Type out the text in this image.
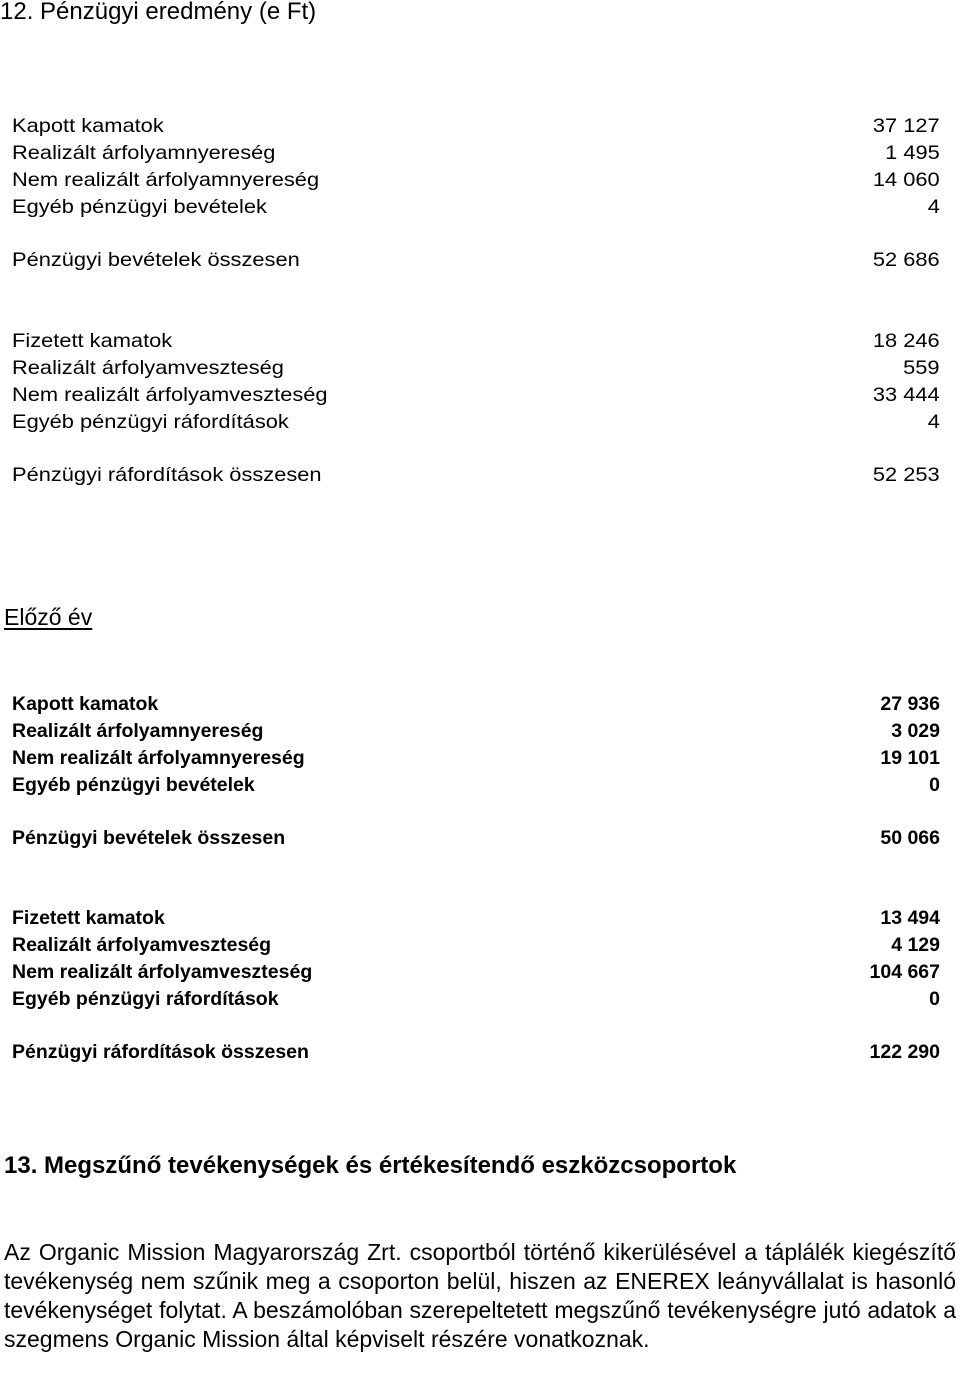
12. Pénzügyi eredmény (e Ft)
Kapott kamatok	37 127
Realizált árfolyamnyereség	1 495
Nem realizált árfolyamnyereség	14 060
Egyéb pénzügyi bevételek	4
Pénzügyi bevételek összesen	52 686
Fizetett kamatok	18 246
Realizált árfolyamveszteség	559
Nem realizált árfolyamveszteség	33 444
Egyéb pénzügyi ráfordítások	4
Pénzügyi ráfordítások összesen	52 253
Előző év
Kapott kamatok	27 936
Realizált árfolyamnyereség	3 029
Nem realizált árfolyamnyereség	19 101
Egyéb pénzügyi bevételek	0
Pénzügyi bevételek összesen	50 066
Fizetett kamatok	13 494
Realizált árfolyamveszteség	4 129
Nem realizált árfolyamveszteség	104 667
Egyéb pénzügyi ráfordítások	0
Pénzügyi ráfordítások összesen	122 290
13. Megszűnő tevékenységek és értékesítendő eszközcsoportok
Az Organic Mission Magyarország Zrt. csoportból történő kikerülésével a táplálék kiegészítő tevékenység nem szűnik meg a csoporton belül, hiszen az ENEREX leányvállalat is hasonló tevékenységet folytat. A beszámolóban szerepeltetett megszűnő tevékenységre jutó adatok a szegmens Organic Mission által képviselt részére vonatkoznak.
